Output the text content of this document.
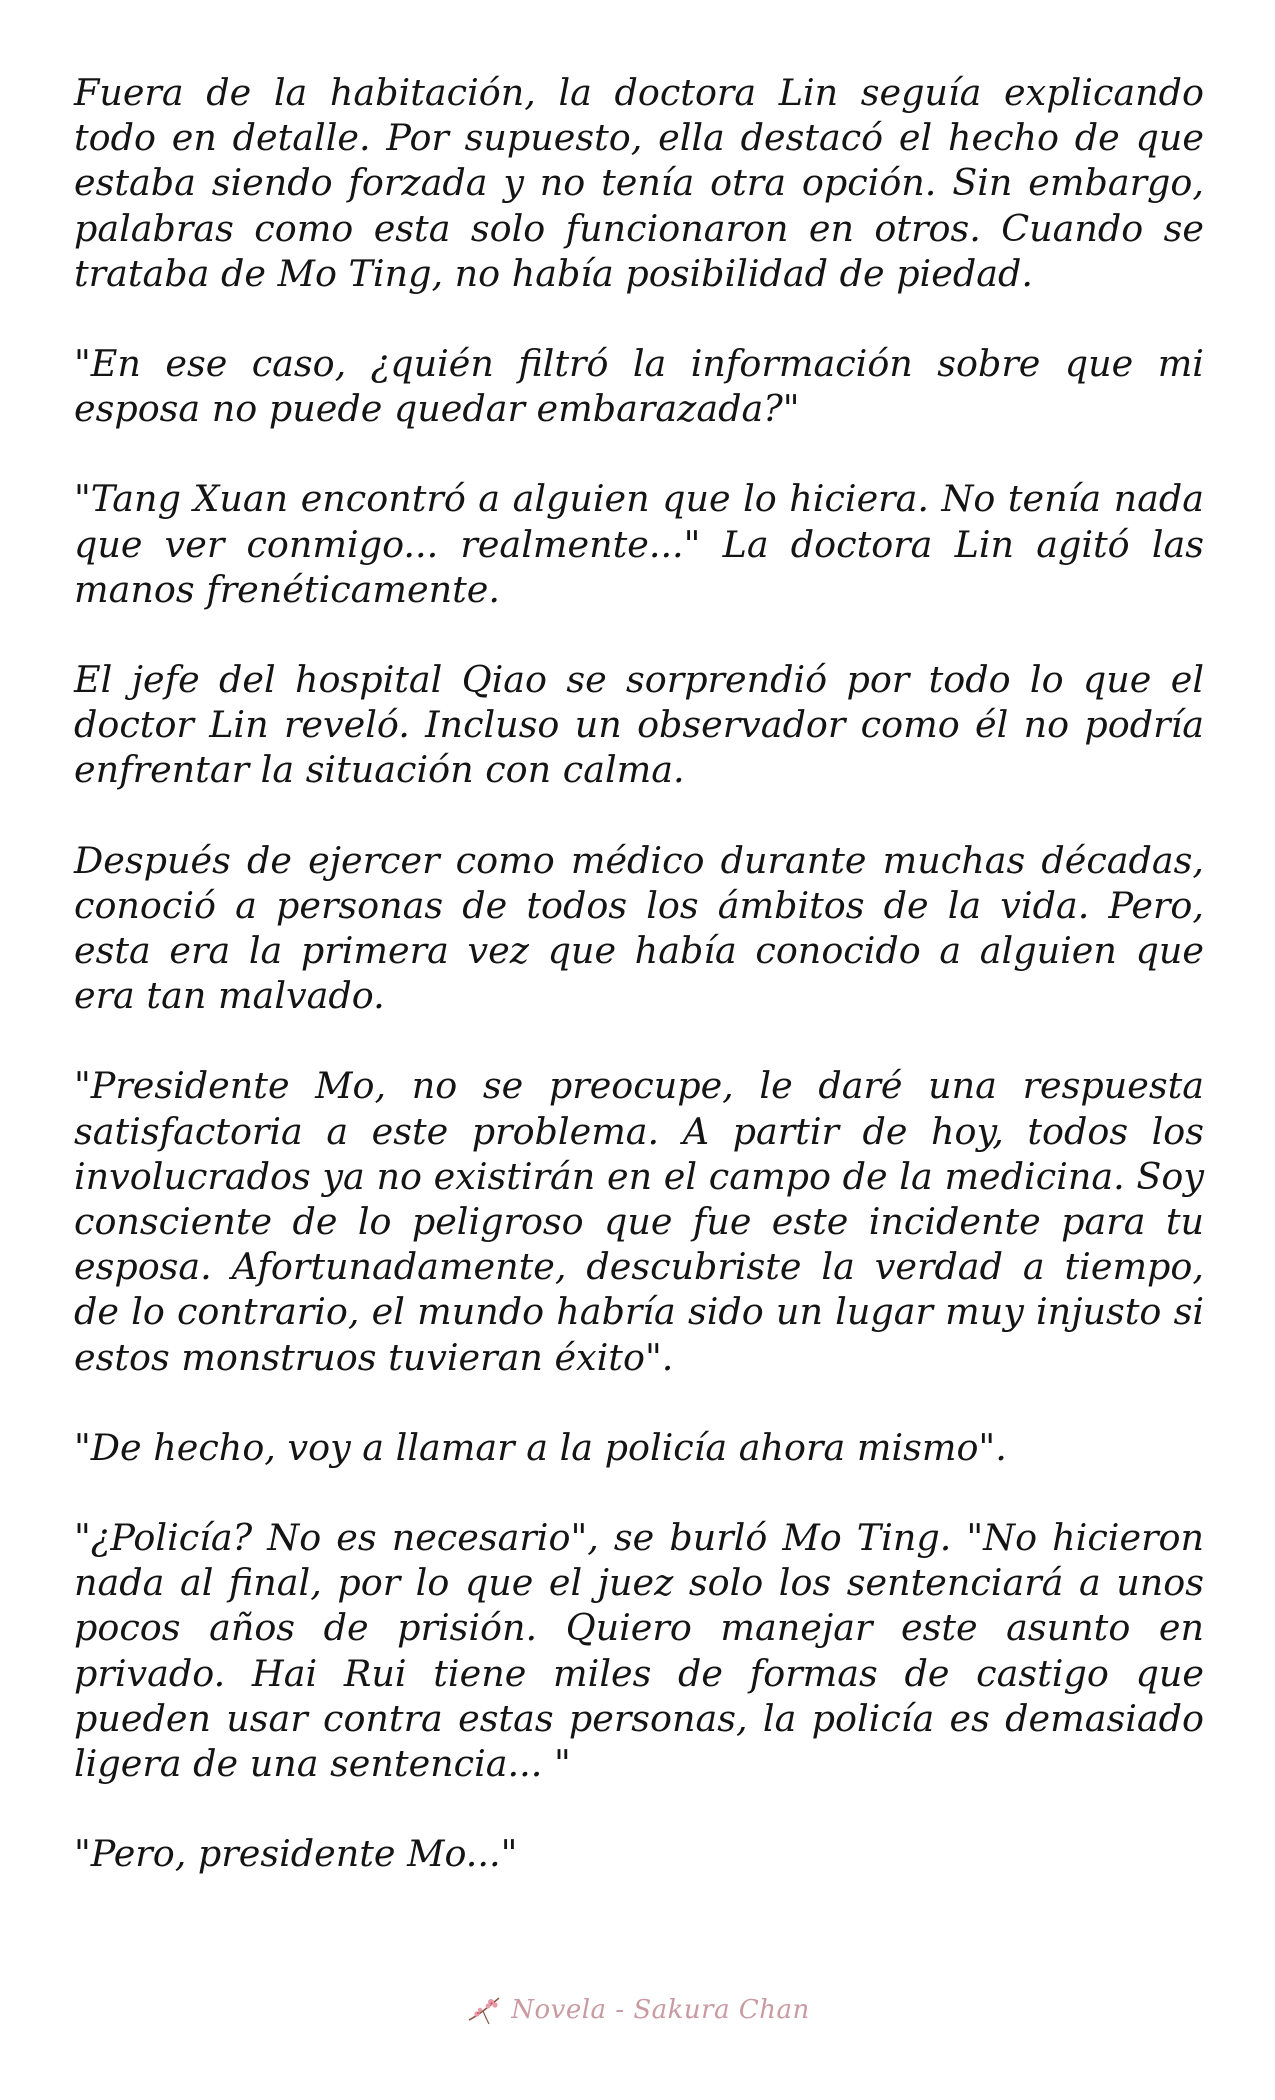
Fuera de la habitación, la doctora Lin seguía explicando todo en detalle. Por supuesto, ella destacó el hecho de que estaba siendo forzada y no tenía otra opción. Sin embargo, palabras como esta solo funcionaron en otros. Cuando se trataba de Mo Ting, no había posibilidad de piedad.

"En ese caso, ¿quién filtró la información sobre que mi esposa no puede quedar embarazada?"

"Tang Xuan encontró a alguien que lo hiciera. No tenía nada que ver conmigo... realmente..." La doctora Lin agitó las manos frenéticamente.

El jefe del hospital Qiao se sorprendió por todo lo que el doctor Lin reveló. Incluso un observador como él no podría enfrentar la situación con calma.

Después de ejercer como médico durante muchas décadas, conoció a personas de todos los ámbitos de la vida. Pero, esta era la primera vez que había conocido a alguien que era tan malvado.

"Presidente Mo, no se preocupe, le daré una respuesta satisfactoria a este problema. A partir de hoy, todos los involucrados ya no existirán en el campo de la medicina. Soy consciente de lo peligroso que fue este incidente para tu esposa. Afortunadamente, descubriste la verdad a tiempo, de lo contrario, el mundo habría sido un lugar muy injusto si estos monstruos tuvieran éxito".

"De hecho, voy a llamar a la policía ahora mismo".

"¿Policía? No es necesario", se burló Mo Ting. "No hicieron nada al final, por lo que el juez solo los sentenciará a unos pocos años de prisión. Quiero manejar este asunto en privado. Hai Rui tiene miles de formas de castigo que pueden usar contra estas personas, la policía es demasiado ligera de una sentencia... "

"Pero, presidente Mo..."

Novela - Sakura Chan
